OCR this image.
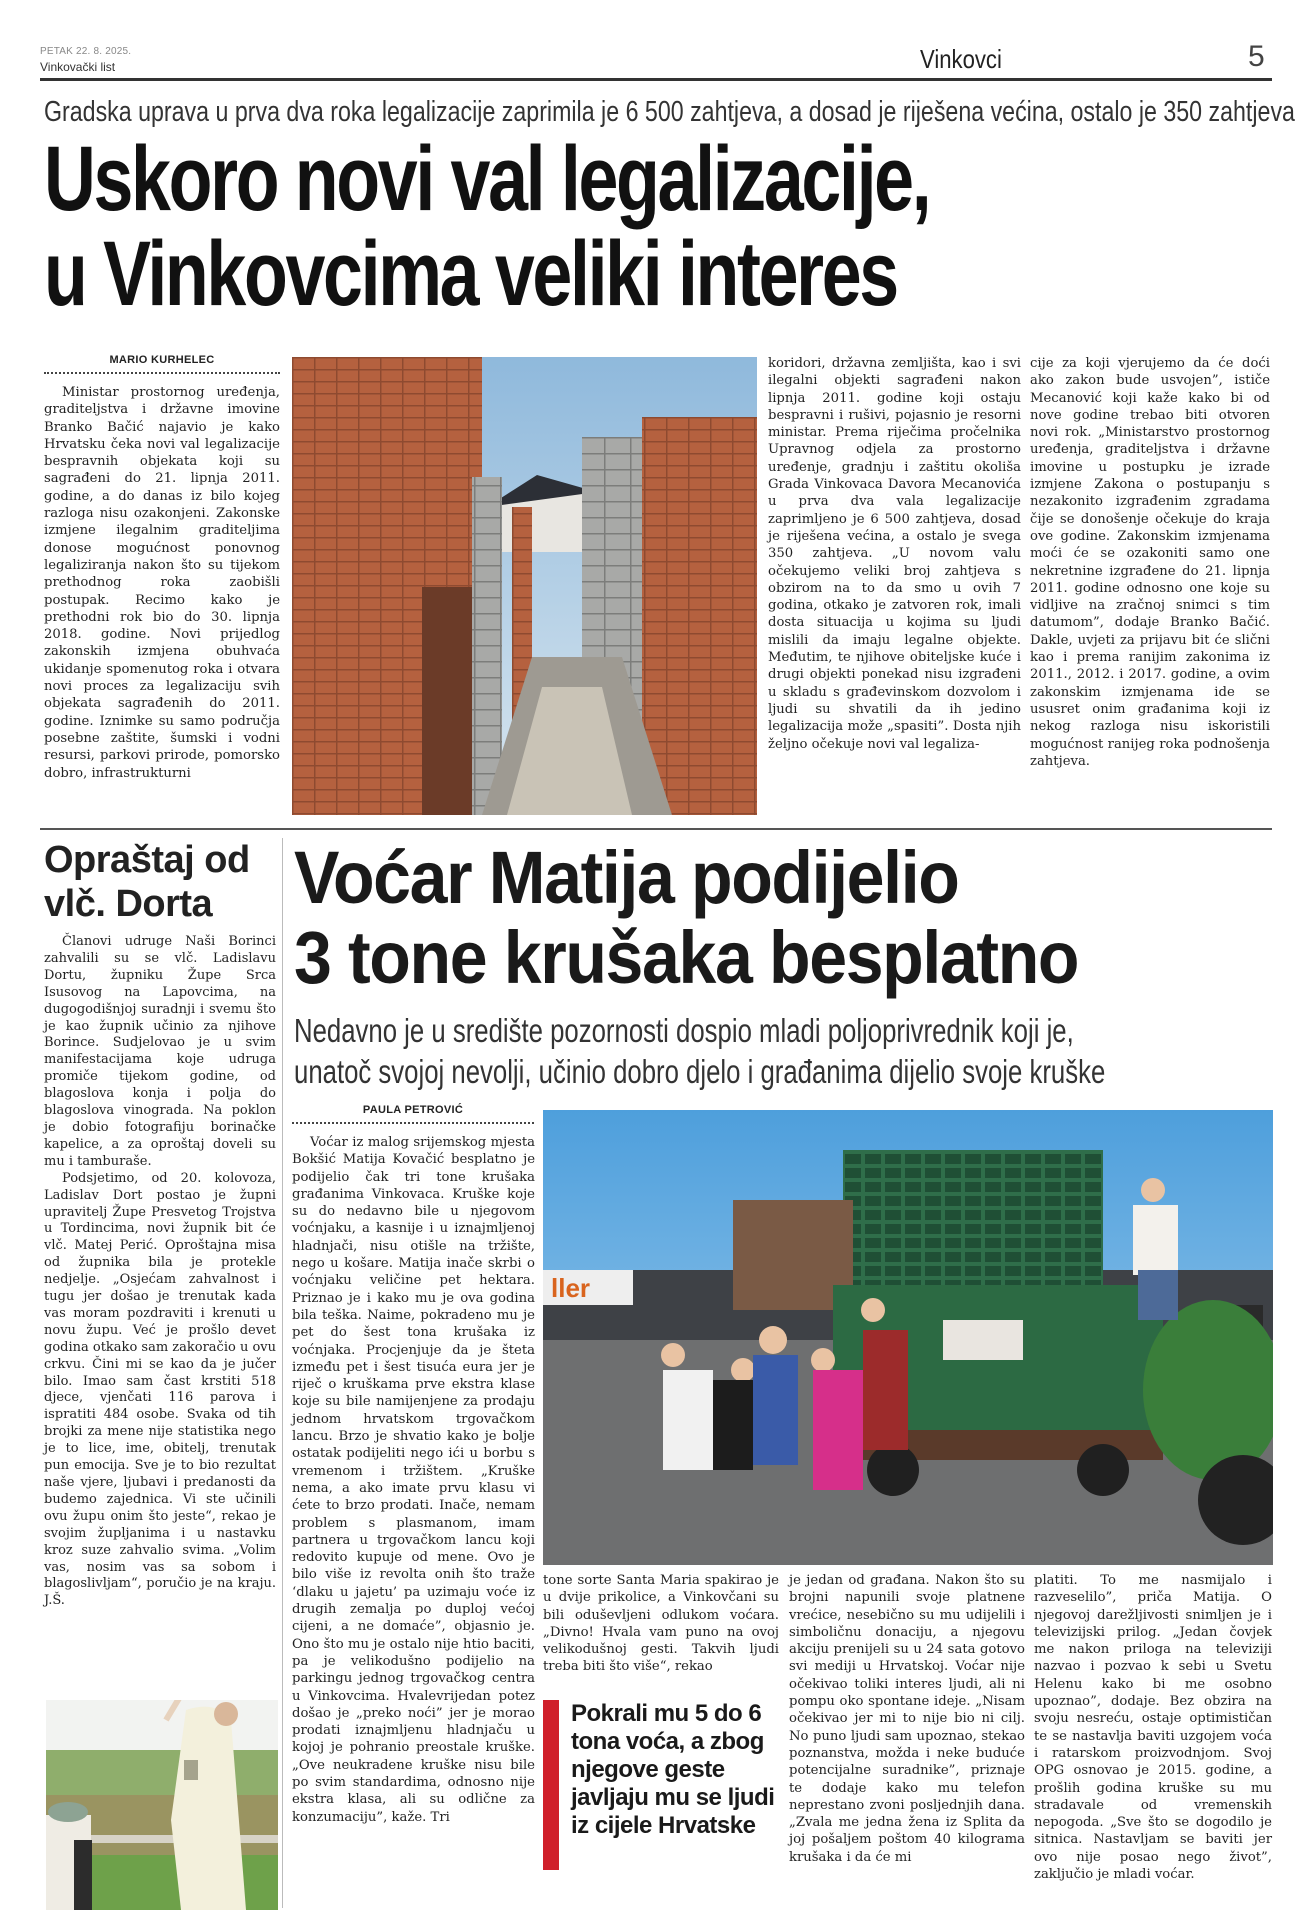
PETAK 22. 8. 2025.
Vinkovački list	Vinkovci	5
Gradska uprava u prva dva roka legalizacije zaprimila je 6 500 zahtjeva, a dosad je riješena većina, ostalo je 350 zahtjeva
Uskoro novi val legalizacije,
u Vinkovcima veliki interes
MARIO KURHELEC

Ministar prostornog uređenja, graditeljstva i državne imovine Branko Bačić najavio je kako Hrvatsku čeka novi val legalizacije bespravnih objekata koji su sagrađeni do 21. lipnja 2011. godine, a do danas iz bilo kojeg razloga nisu ozakonjeni. Zakonske izmjene ilegalnim graditeljima donose mogućnost ponovnog legaliziranja nakon što su tijekom prethodnog roka zaobišli postupak. Recimo kako je prethodni rok bio do 30. lipnja 2018. godine. Novi prijedlog zakonskih izmjena obuhvaća ukidanje spomenutog roka i otvara novi proces za legalizaciju svih objekata sagrađenih do 2011. godine. Iznimke su samo područja posebne zaštite, šumski i vodni resursi, parkovi prirode, pomorsko dobro, infrastrukturni

koridori, državna zemljišta, kao i svi ilegalni objekti sagrađeni nakon lipnja 2011. godine koji ostaju bespravni i rušivi, pojasnio je resorni ministar. Prema riječima pročelnika Upravnog odjela za prostorno uređenje, gradnju i zaštitu okoliša Grada Vinkovaca Davora Mecanovića u prva dva vala legalizacije zaprimljeno je 6 500 zahtjeva, dosad je riješena većina, a ostalo je svega 350 zahtjeva. „U novom valu očekujemo veliki broj zahtjeva s obzirom na to da smo u ovih 7 godina, otkako je zatvoren rok, imali dosta situacija u kojima su ljudi mislili da imaju legalne objekte. Međutim, te njihove obiteljske kuće i drugi objekti ponekad nisu izgrađeni u skladu s građevinskom dozvolom i ljudi su shvatili da ih jedino legalizacija može „spasiti”. Dosta njih željno očekuje novi val legaliza-

cije za koji vjerujemo da će doći ako zakon bude usvojen”, ističe Mecanović koji kaže kako bi od nove godine trebao biti otvoren novi rok. „Ministarstvo prostornog uređenja, graditeljstva i državne imovine u postupku je izrade izmjene Zakona o postupanju s nezakonito izgrađenim zgradama čije se donošenje očekuje do kraja ove godine. Zakonskim izmjenama moći će se ozakoniti samo one nekretnine izgrađene do 21. lipnja 2011. godine odnosno one koje su vidljive na zračnoj snimci s tim datumom”, dodaje Branko Bačić. Dakle, uvjeti za prijavu bit će slični kao i prema ranijim zakonima iz 2011., 2012. i 2017. godine, a ovim zakonskim izmjenama ide se ususret onim građanima koji iz nekog razloga nisu iskoristili mogućnost ranijeg roka podnošenja zahtjeva.

Opraštaj od
vlč. Dorta

Članovi udruge Naši Borinci zahvalili su se vlč. Ladislavu Dortu, župniku Župe Srca Isusovog na Lapovcima, na dugogodišnjoj suradnji i svemu što je kao župnik učinio za njihove Borince. Sudjelovao je u svim manifestacijama koje udruga promiče tijekom godine, od blagoslova konja i polja do blagoslova vinograda. Na poklon je dobio fotografiju borinačke kapelice, a za oproštaj doveli su mu i tamburaše.

Podsjetimo, od 20. kolovoza, Ladislav Dort postao je župni upravitelj Župe Presvetog Trojstva u Tordincima, novi župnik bit će vlč. Matej Perić. Oproštajna misa od župnika bila je protekle nedjelje. „Osjećam zahvalnost i tugu jer došao je trenutak kada vas moram pozdraviti i krenuti u novu župu. Već je prošlo devet godina otkako sam zakoračio u ovu crkvu. Čini mi se kao da je jučer bilo. Imao sam čast krstiti 518 djece, vjenčati 116 parova i ispratiti 484 osobe. Svaka od tih brojki za mene nije statistika nego je to lice, ime, obitelj, trenutak pun emocija. Sve je to bio rezultat naše vjere, ljubavi i predanosti da budemo zajednica. Vi ste učinili ovu župu onim što jeste“, rekao je svojim župljanima i u nastavku kroz suze zahvalio svima. „Volim vas, nosim vas sa sobom i blagoslivljam“, poručio je na kraju. J.Š.

Voćar Matija podijelio
3 tone krušaka besplatno
Nedavno je u središte pozornosti dospio mladi poljoprivrednik koji je,
unatoč svojoj nevolji, učinio dobro djelo i građanima dijelio svoje kruške
PAULA PETROVIĆ

Voćar iz malog srijemskog mjesta Bokšić Matija Kovačić besplatno je podijelio čak tri tone krušaka građanima Vinkovaca. Kruške koje su do nedavno bile u njegovom voćnjaku, a kasnije i u iznajmljenoj hladnjači, nisu otišle na tržište, nego u košare. Matija inače skrbi o voćnjaku veličine pet hektara. Priznao je i kako mu je ova godina bila teška. Naime, pokradeno mu je pet do šest tona krušaka iz voćnjaka. Procjenjuje da je šteta između pet i šest tisuća eura jer je riječ o kruškama prve ekstra klase koje su bile namijenjene za prodaju jednom hrvatskom trgovačkom lancu. Brzo je shvatio kako je bolje ostatak podijeliti nego ići u borbu s vremenom i tržištem. „Kruške nema, a ako imate prvu klasu vi ćete to brzo prodati. Inače, nemam problem s plasmanom, imam partnera u trgovačkom lancu koji redovito kupuje od mene. Ovo je bilo više iz revolta onih što traže ‘dlaku u jajetu’ pa uzimaju voće iz drugih zemalja po duploj većoj cijeni, a ne domaće”, objasnio je. Ono što mu je ostalo nije htio baciti, pa je velikodušno podijelio na parkingu jednog trgovačkog centra u Vinkovcima. Hvalevrijedan potez došao je „preko noći” jer je morao prodati iznajmljenu hladnjaču u kojoj je pohranio preostale kruške. „Ove neukradene kruške nisu bile po svim standardima, odnosno nije ekstra klasa, ali su odlične za konzumaciju”, kaže. Tri

ller

tone sorte Santa Maria spakirao je u dvije prikolice, a Vinkovčani su bili oduševljeni odlukom voćara. „Divno! Hvala vam puno na ovoj velikodušnoj gesti. Takvih ljudi treba biti što više“, rekao

Pokrali mu 5 do 6 tona voća, a zbog njegove geste javljaju mu se ljudi iz cijele Hrvatske

je jedan od građana. Nakon što su brojni napunili svoje platnene vrećice, nesebično su mu udijelili i simboličnu donaciju, a njegovu akciju prenijeli su u 24 sata gotovo svi mediji u Hrvatskoj. Voćar nije očekivao toliki interes ljudi, ali ni pompu oko spontane ideje. „Nisam očekivao jer mi to nije bio ni cilj. No puno ljudi sam upoznao, stekao poznanstva, možda i neke buduće potencijalne suradnike”, priznaje te dodaje kako mu telefon neprestano zvoni posljednjih dana. „Zvala me jedna žena iz Splita da joj pošaljem poštom 40 kilograma krušaka i da će mi

platiti. To me nasmijalo i razveselilo”, priča Matija. O njegovoj darežljivosti snimljen je i televizijski prilog. „Jedan čovjek me nakon priloga na televiziji nazvao i pozvao k sebi u Svetu Helenu kako bi me osobno upoznao”, dodaje. Bez obzira na svoju nesreću, ostaje optimističan te se nastavlja baviti uzgojem voća i ratarskom proizvodnjom. Svoj OPG osnovao je 2015. godine, a prošlih godina kruške su mu stradavale od vremenskih nepogoda. „Sve što se dogodilo je sitnica. Nastavljam se baviti jer ovo nije posao nego život”, zaključio je mladi voćar.
